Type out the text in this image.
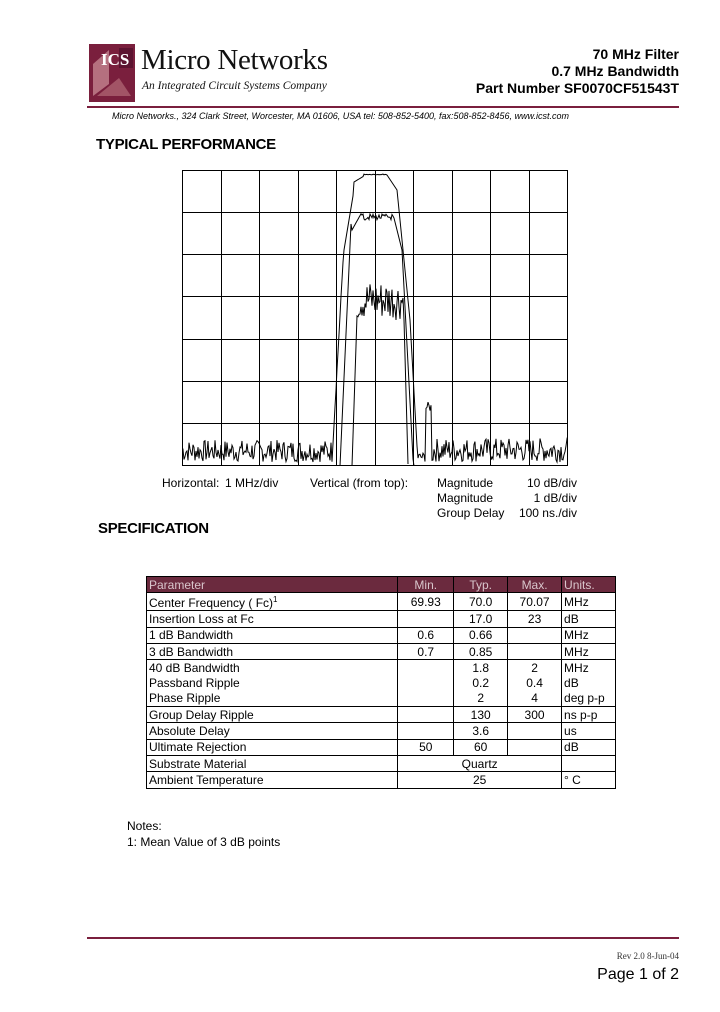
ICS Micro Networks
An Integrated Circuit Systems Company
70 MHz Filter
0.7 MHz Bandwidth
Part Number SF0070CF51543T
Micro Networks., 324 Clark Street, Worcester, MA 01606, USA tel: 508-852-5400, fax:508-852-8456, www.icst.com
TYPICAL PERFORMANCE
Horizontal: 1 MHz/div	Vertical (from top): Magnitude
Magnitude
Group Delay
10 dB/div
1 dB/div
100 ns./div
SPECIFICATION
Parameter	Min.	Typ.	Max.	Units.
Center Frequency ( Fc)$^1$	69.93	70.0	70.07	MHz
Insertion Loss at Fc		17.0	23	dB
1 dB Bandwidth	0.6	0.66		MHz
3 dB Bandwidth	0.7	0.85		MHz
40 dB Bandwidth		1.8	2	MHz
Passband Ripple		0.2	0.4	dB
Phase Ripple		2	4	deg p-p
Group Delay Ripple		130	300	ns p-p
Absolute Delay		3.6		us
Ultimate Rejection	50	60		dB
Substrate Material	Quartz			
Ambient Temperature	25			° C
Notes:
1: Mean Value of 3 dB points
Rev 2.0 8-Jun-04
Page 1 of 2
